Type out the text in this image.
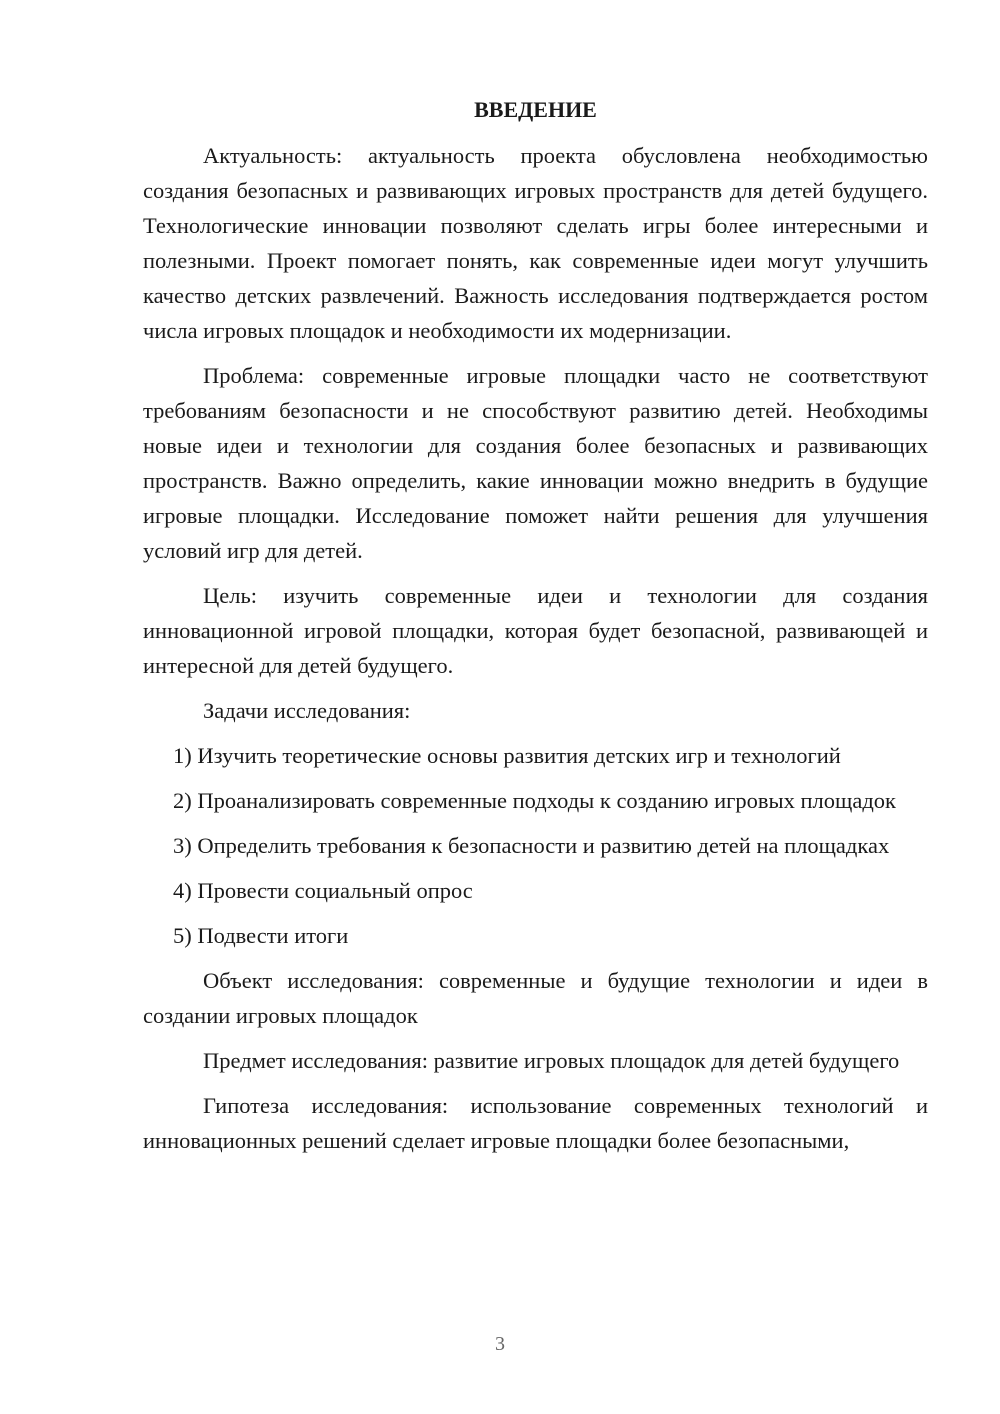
ВВЕДЕНИЕ

Актуальность: актуальность проекта обусловлена необходимостью создания безопасных и развивающих игровых пространств для детей будущего. Технологические инновации позволяют сделать игры более интересными и полезными. Проект помогает понять, как современные идеи могут улучшить качество детских развлечений. Важность исследования подтверждается ростом числа игровых площадок и необходимости их модернизации.

Проблема: современные игровые площадки часто не соответствуют требованиям безопасности и не способствуют развитию детей. Необходимы новые идеи и технологии для создания более безопасных и развивающих пространств. Важно определить, какие инновации можно внедрить в будущие игровые площадки. Исследование поможет найти решения для улучшения условий игр для детей.

Цель: изучить современные идеи и технологии для создания инновационной игровой площадки, которая будет безопасной, развивающей и интересной для детей будущего.

Задачи исследования:

1) Изучить теоретические основы развития детских игр и технологий

2) Проанализировать современные подходы к созданию игровых площадок

3) Определить требования к безопасности и развитию детей на площадках

4) Провести социальный опрос

5) Подвести итоги

Объект исследования: современные и будущие технологии и идеи в создании игровых площадок

Предмет исследования: развитие игровых площадок для детей будущего

Гипотеза исследования: использование современных технологий и инновационных решений сделает игровые площадки более безопасными,

3
